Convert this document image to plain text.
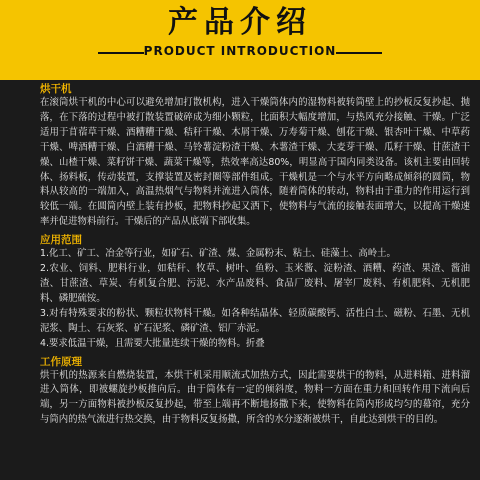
产品介绍
PRODUCT INTRODUCTION

烘干机

在滚筒烘干机的中心可以避免增加打散机构，进入干燥筒体内的湿物料被转筒壁上的抄板反复抄起、抛落，在下落的过程中被打散装置破碎成为细小颗粒，比面积大幅度增加，与热风充分接触、干燥。广泛适用于苜蓿草干燥、酒糟糟干燥、秸秆干燥、木屑干燥、万寿菊干燥、刨花干燥、银杏叶干燥、中草药干燥、啤酒糟干燥、白酒糟干燥、马铃薯淀粉渣干燥、木薯渣干燥、大麦芽干燥、瓜籽干燥、甘蔗渣干燥、山楂干燥、菜籽饼干燥、蔬菜干燥等，热效率高达80%，明显高于国内同类设备。该机主要由回转体、扬料板，传动装置，支撑装置及密封圈等部件组成。干燥机是一个与水平方向略成倾斜的圆筒，物料从较高的一端加入，高温热烟气与物料并流进入筒体，随着筒体的转动，物料由于重力的作用运行到较低一端。在圆筒内壁上装有抄板，把物料抄起又洒下，使物料与气流的接触表面增大，以提高干燥速率并促进物料前行。干燥后的产品从底端下部收集。

应用范围

1.化工、矿工、冶金等行业，如矿石、矿渣、煤、金属粉末、粘土、硅藻土、高岭土。

2.农业、饲料、肥料行业，如秸秆、牧草、树叶、鱼粉、玉米酱、淀粉渣、酒糟、药渣、果渣、酱油渣、甘蔗渣、草炭、有机复合肥、污泥、水产品废料、食品厂废料、屠宰厂废料、有机肥料、无机肥料、磷肥硫铵。

3.对有特殊要求的粉状、颗粒状物料干燥。如各种结晶体、轻质碳酸钙、活性白土、磁粉、石墨、无机泥浆、陶土、石灰浆、矿石泥浆、磷矿渣、铝厂赤泥。

4.要求低温干燥，且需要大批量连续干燥的物料。折叠

工作原理

烘干机的热源来自燃烧装置，本烘干机采用顺流式加热方式，因此需要烘干的物料，从进料箱、进料溜进入筒体，即被螺旋抄板推向后。由于筒体有一定的倾斜度，物料一方面在重力和回转作用下流向后端，另一方面物料被抄板反复抄起，带至上端再不断地扬撒下来，使物料在筒内形成均匀的幕帘，充分与筒内的热气流进行热交换，由于物料反复扬撒，所含的水分逐渐被烘干，自此达到烘干的目的。
